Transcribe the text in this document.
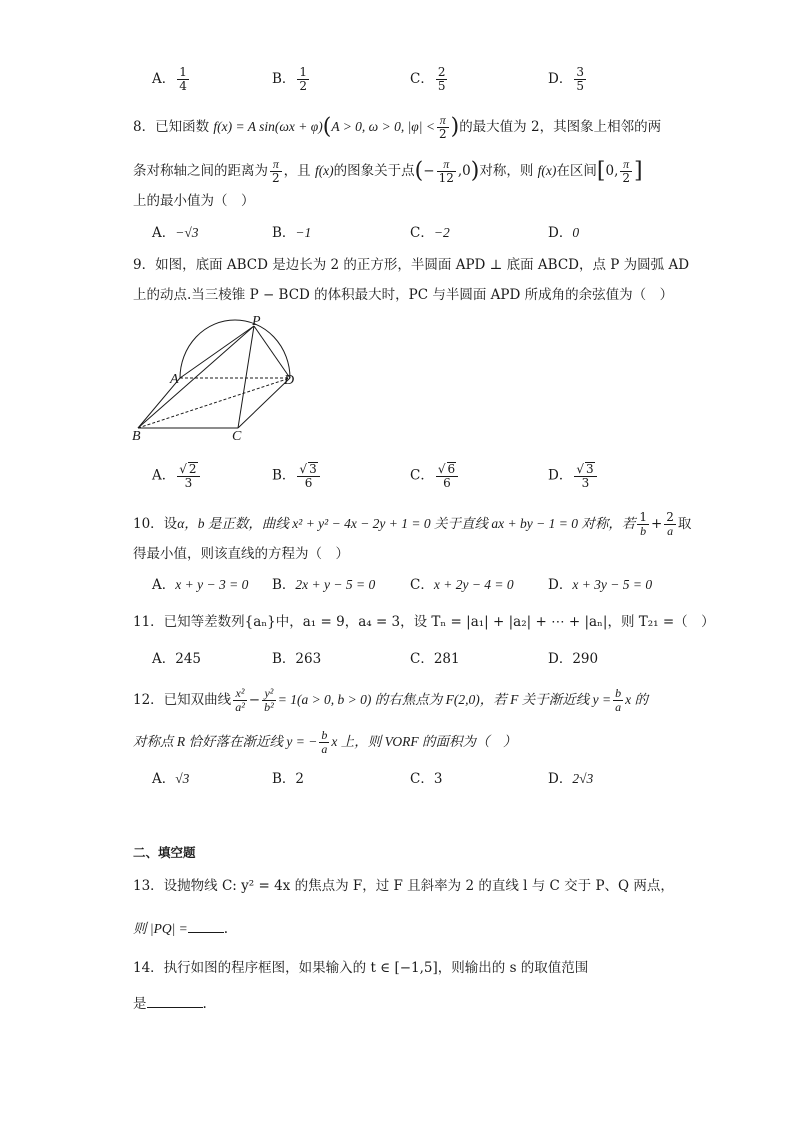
A． $\frac{1}{4}$	B． $\frac{1}{2}$	C． $\frac{2}{5}$	D． $\frac{3}{5}$
8．已知函数 f(x) = A sin(ωx + φ)(A > 0, ω > 0, $|\varphi| < \frac{\pi}{2}$ )的最大值为 2，其图象上相邻的两
条对称轴之间的距离为 $\frac{\pi}{2}$ ，且 f(x)的图象关于点(− $\frac{\pi}{12} ,0$)对称，则 f(x)在区间[0, $\frac{\pi}{2}$ ]
上的最小值为（　）
A．−√3	B．−1	C．−2	D．0
9．如图，底面 ABCD 是边长为 2 的正方形，半圆面 APD ⊥ 底面 ABCD，点 P 为圆弧 AD
上的动点.当三棱锥 P − BCD 的体积最大时，PC 与半圆面 APD 所成角的余弦值为（　）
P
A	D
B	C
A． $\frac{√ 2}{3}$	B． $\frac{√ 3}{6}$	C． $\frac{√ 6}{6}$	D． $\frac{√ 3}{3}$
10．设α，b 是正数，曲线 x² + y² − 4x − 2y + 1 = 0 关于直线 ax + by − 1 = 0 对称，若 $\frac{1}{b} + \frac{2}{a}$ 取
得最小值，则该直线的方程为（　）
A．x + y − 3 = 0 B．2x + y − 5 = 0	C．x + 2y − 4 = 0	D．x + 3y − 5 = 0
11．已知等差数列{aₙ}中，a₁ = 9，a₄ = 3，设 Tₙ = |a₁| + |a₂| + ⋯ + |aₙ|，则 T₂₁ =（　）
A．245	B．263	C．281	D．290
12．已知双曲线 $\frac{\text{x²}}{\text{a²}} - \frac{\text{y²}}{\text{b²}} = 1(a > 0$, b > 0) 的右焦点为 F(2,0)，若 F 关于渐近线 $y = \frac{b}{a}$ x 的
对称点 R 恰好落在渐近线 y = − $\frac{b}{a}$ x 上，则 VORF 的面积为（　）
A．√3	B．2	C．3	D．2√3
二、填空题
13．设抛物线 C: y² = 4x 的焦点为 F，过 F 且斜率为 2 的直线 l 与 C 交于 P、Q 两点，
则 |PQ| =	.
14．执行如图的程序框图，如果输入的 t ∈ [−1,5]，则输出的 s 的取值范围
是	.
